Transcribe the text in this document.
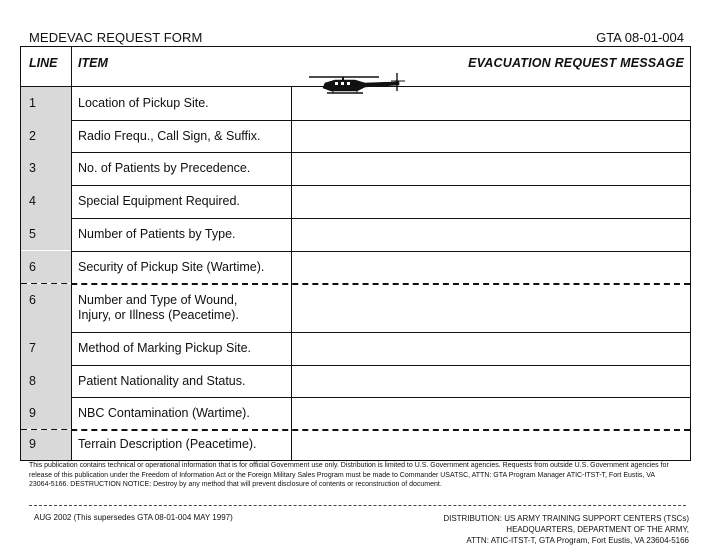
MEDEVAC REQUEST FORM	GTA 08-01-004
LINE ITEM	EVACUATION REQUEST MESSAGE
1	Location of Pickup Site.
2	Radio Frequ., Call Sign, & Suffix.
3	No. of Patients by Precedence.
4	Special Equipment Required.
5	Number of Patients by Type.
6	Security of Pickup Site (Wartime).
6	Number and Type of Wound,
Injury, or Illness (Peacetime).
7	Method of Marking Pickup Site.
8	Patient Nationality and Status.
9	NBC Contamination (Wartime).
9	Terrain Description (Peacetime).
This publication contains technical or operational information that is for official Government use only. Distribution is limited to U.S. Government agencies. Requests from outside U.S. Government agencies for release of this publication under the Freedom of Information Act or the Foreign Military Sales Program must be made to Commander USATSC, ATTN: GTA Program Manager ATIC-ITST-T, Fort Eustis, VA 23064-5166. DESTRUCTION NOTICE: Destroy by any method that will prevent disclosure of contents or reconstruction of document.
AUG 2002 (This supersedes GTA 08-01-004 MAY 1997)	DISTRIBUTION: US ARMY TRAINING SUPPORT CENTERS (TSCs)
HEADQUARTERS, DEPARTMENT OF THE ARMY,
ATTN: ATIC-ITST-T, GTA Program, Fort Eustis, VA 23604-5166
